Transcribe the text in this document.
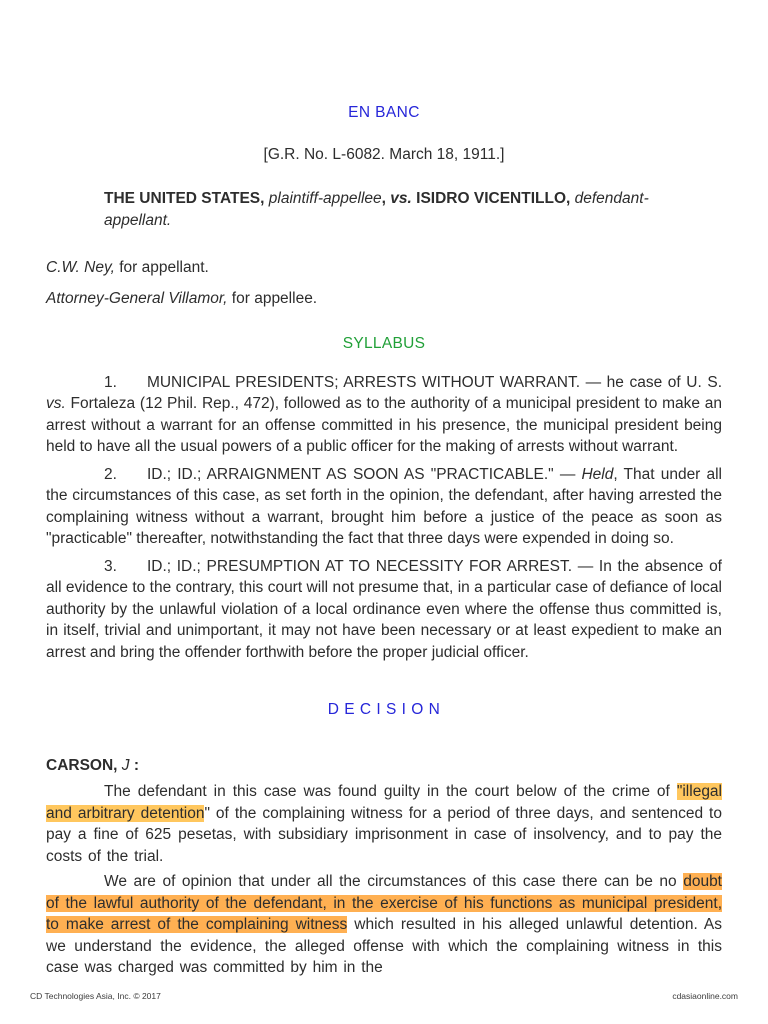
EN BANC

[G.R. No. L-6082. March 18, 1911.]

THE UNITED STATES, plaintiff-appellee, vs. ISIDRO VICENTILLO, defendant-appellant.

C.W. Ney, for appellant.

Attorney-General Villamor, for appellee.

SYLLABUS

1. MUNICIPAL PRESIDENTS; ARRESTS WITHOUT WARRANT. — he case of U. S. vs. Fortaleza (12 Phil. Rep., 472), followed as to the authority of a municipal president to make an arrest without a warrant for an offense committed in his presence, the municipal president being held to have all the usual powers of a public officer for the making of arrests without warrant.

2. ID.; ID.; ARRAIGNMENT AS SOON AS "PRACTICABLE." — Held, That under all the circumstances of this case, as set forth in the opinion, the defendant, after having arrested the complaining witness without a warrant, brought him before a justice of the peace as soon as "practicable" thereafter, notwithstanding the fact that three days were expended in doing so.

3. ID.; ID.; PRESUMPTION AT TO NECESSITY FOR ARREST. — In the absence of all evidence to the contrary, this court will not presume that, in a particular case of defiance of local authority by the unlawful violation of a local ordinance even where the offense thus committed is, in itself, trivial and unimportant, it may not have been necessary or at least expedient to make an arrest and bring the offender forthwith before the proper judicial officer.

D E C I S I O N

CARSON, J :

The defendant in this case was found guilty in the court below of the crime of "illegal and arbitrary detention" of the complaining witness for a period of three days, and sentenced to pay a fine of 625 pesetas, with subsidiary imprisonment in case of insolvency, and to pay the costs of the trial.

We are of opinion that under all the circumstances of this case there can be no doubt of the lawful authority of the defendant, in the exercise of his functions as municipal president, to make arrest of the complaining witness which resulted in his alleged unlawful detention. As we understand the evidence, the alleged offense with which the complaining witness in this case was charged was committed by him in the

CD Technologies Asia, Inc. © 2017	cdasiaonline.com
